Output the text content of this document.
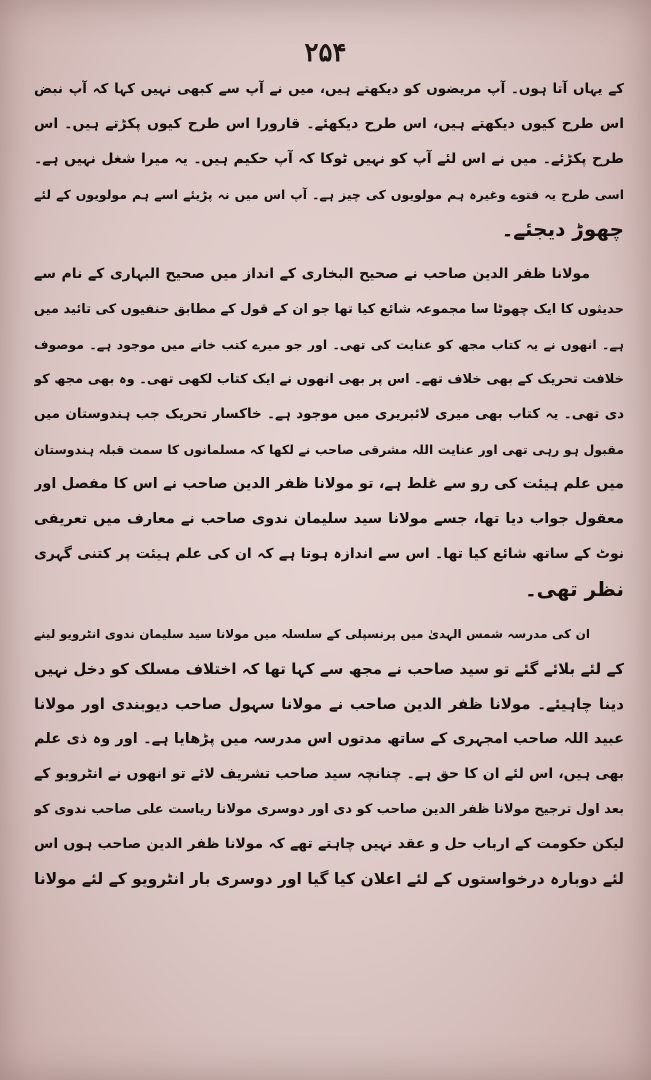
۲۵۴
کے یہاں آتا ہوں۔ آپ مریضوں کو دیکھتے ہیں، میں نے آپ سے کبھی نہیں کہا کہ آپ نبض
اس طرح کیوں دیکھتے ہیں، اس طرح دیکھئے۔ قارورا اس طرح کیوں پکڑتے ہیں۔ اس
طرح پکڑئے۔ میں نے اس لئے آپ کو نہیں ٹوکا کہ آپ حکیم ہیں۔ یہ میرا شغل نہیں ہے۔
اسی طرح یہ فتوے وغیرہ ہم مولویوں کی چیز ہے۔ آپ اس میں نہ پڑیئے اسے ہم مولویوں کے لئے
چھوڑ دیجئے۔
مولانا ظفر الدین صاحب نے صحیح البخاری کے انداز میں صحیح البہاری کے نام سے
حدیثوں کا ایک چھوٹا سا مجموعہ شائع کیا تھا جو ان کے قول کے مطابق حنفیوں کی تائید میں
ہے۔ انھوں نے یہ کتاب مجھ کو عنایت کی تھی۔ اور جو میرے کتب خانے میں موجود ہے۔ موصوف
خلافت تحریک کے بھی خلاف تھے۔ اس پر بھی انھوں نے ایک کتاب لکھی تھی۔ وہ بھی مجھ کو
دی تھی۔ یہ کتاب بھی میری لائبریری میں موجود ہے۔ خاکسار تحریک جب ہندوستان میں
مقبول ہو رہی تھی اور عنایت اللہ مشرقی صاحب نے لکھا کہ مسلمانوں کا سمت قبلہ ہندوستان
میں علم ہیئت کی رو سے غلط ہے، تو مولانا ظفر الدین صاحب نے اس کا مفصل اور
معقول جواب دیا تھا، جسے مولانا سید سلیمان ندوی صاحب نے معارف میں تعریفی
نوٹ کے ساتھ شائع کیا تھا۔ اس سے اندازہ ہوتا ہے کہ ان کی علم ہیئت پر کتنی گہری
نظر تھی۔
ان کی مدرسہ شمس الہدیٰ میں پرنسپلی کے سلسلہ میں مولانا سید سلیمان ندوی انٹرویو لینے
کے لئے بلائے گئے تو سید صاحب نے مجھ سے کہا تھا کہ اختلاف مسلک کو دخل نہیں
دینا چاہیئے۔ مولانا ظفر الدین صاحب نے مولانا سہول صاحب دیوبندی اور مولانا
عبید اللہ صاحب امجہری کے ساتھ مدتوں اس مدرسہ میں پڑھایا ہے۔ اور وہ ذی علم
بھی ہیں، اس لئے ان کا حق ہے۔ چنانچہ سید صاحب تشریف لائے تو انھوں نے انٹرویو کے
بعد اول ترجیح مولانا ظفر الدین صاحب کو دی اور دوسری مولانا ریاست علی صاحب ندوی کو
لیکن حکومت کے ارباب حل و عقد نہیں چاہتے تھے کہ مولانا ظفر الدین صاحب ہوں اس
لئے دوبارہ درخواستوں کے لئے اعلان کیا گیا اور دوسری بار انٹرویو کے لئے مولانا
